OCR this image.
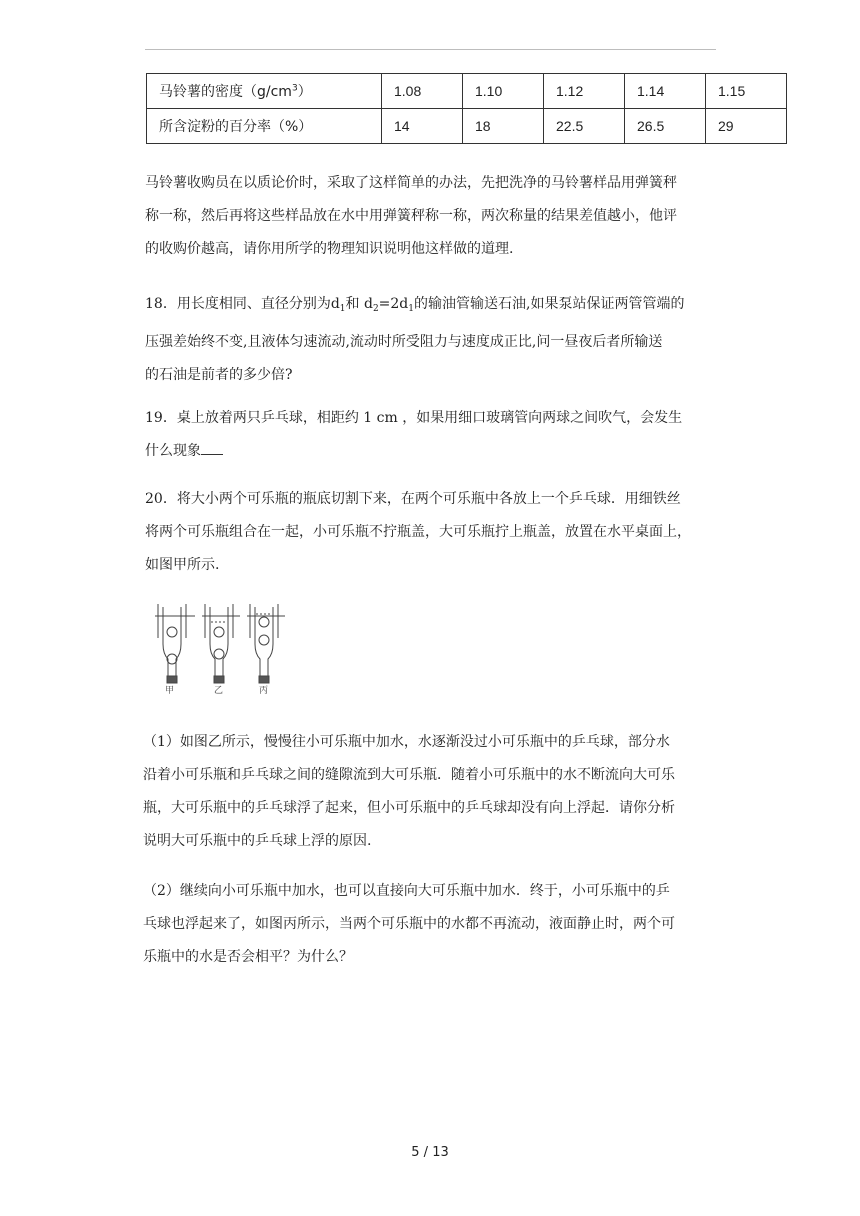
马铃薯的密度$(g/cm^3)$	1.08	1.10	1.12	1.14	1.15
所含淀粉的百分率（%）	14	18	22.5	26.5	29

马铃薯收购员在以质论价时，采取了这样简单的办法，先把洗净的马铃薯样品用弹簧秤
称一称，然后再将这些样品放在水中用弹簧秤称一称，两次称量的结果差值越小，他评
的收购价越高，请你用所学的物理知识说明他这样做的道理.

18．用长度相同、直径分别为$d_1$和 $d_2=2d_1$的输油管输送石油,如果泵站保证两管管端的
压强差始终不变,且液体匀速流动,流动时所受阻力与速度成正比,问一昼夜后者所输送
的石油是前者的多少倍?

19．桌上放着两只乒乓球，相距约 1 cm ，如果用细口玻璃管向两球之间吹气，会发生
什么现象

20．将大小两个可乐瓶的瓶底切割下来，在两个可乐瓶中各放上一个乒乓球．用细铁丝
将两个可乐瓶组合在一起，小可乐瓶不拧瓶盖，大可乐瓶拧上瓶盖，放置在水平桌面上，
如图甲所示.

甲	乙	丙

（1）如图乙所示，慢慢往小可乐瓶中加水，水逐渐没过小可乐瓶中的乒乓球，部分水
沿着小可乐瓶和乒乓球之间的缝隙流到大可乐瓶．随着小可乐瓶中的水不断流向大可乐
瓶，大可乐瓶中的乒乓球浮了起来，但小可乐瓶中的乒乓球却没有向上浮起．请你分析
说明大可乐瓶中的乒乓球上浮的原因.

（2）继续向小可乐瓶中加水，也可以直接向大可乐瓶中加水．终于，小可乐瓶中的乒
乓球也浮起来了，如图丙所示，当两个可乐瓶中的水都不再流动，液面静止时，两个可
乐瓶中的水是否会相平？为什么？

5 / 13
